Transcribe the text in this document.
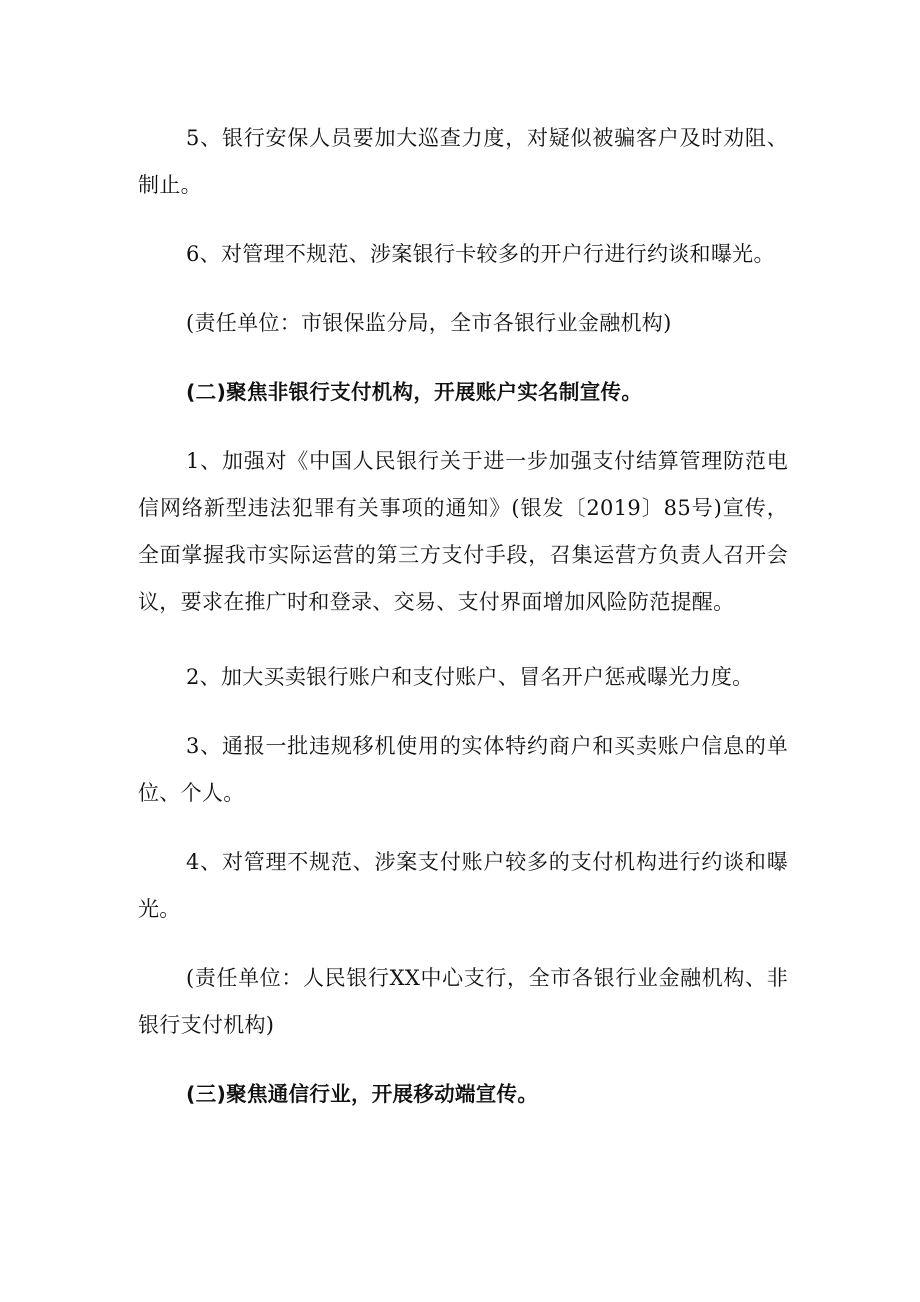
5、银行安保人员要加大巡查力度，对疑似被骗客户及时劝阻、制止。

6、对管理不规范、涉案银行卡较多的开户行进行约谈和曝光。

(责任单位：市银保监分局，全市各银行业金融机构)

(二)聚焦非银行支付机构，开展账户实名制宣传。

1、加强对《中国人民银行关于进一步加强支付结算管理防范电信网络新型违法犯罪有关事项的通知》(银发〔2019〕85号)宣传，全面掌握我市实际运营的第三方支付手段，召集运营方负责人召开会议，要求在推广时和登录、交易、支付界面增加风险防范提醒。

2、加大买卖银行账户和支付账户、冒名开户惩戒曝光力度。

3、通报一批违规移机使用的实体特约商户和买卖账户信息的单位、个人。

4、对管理不规范、涉案支付账户较多的支付机构进行约谈和曝光。

(责任单位：人民银行XX中心支行，全市各银行业金融机构、非银行支付机构)

(三)聚焦通信行业，开展移动端宣传。
